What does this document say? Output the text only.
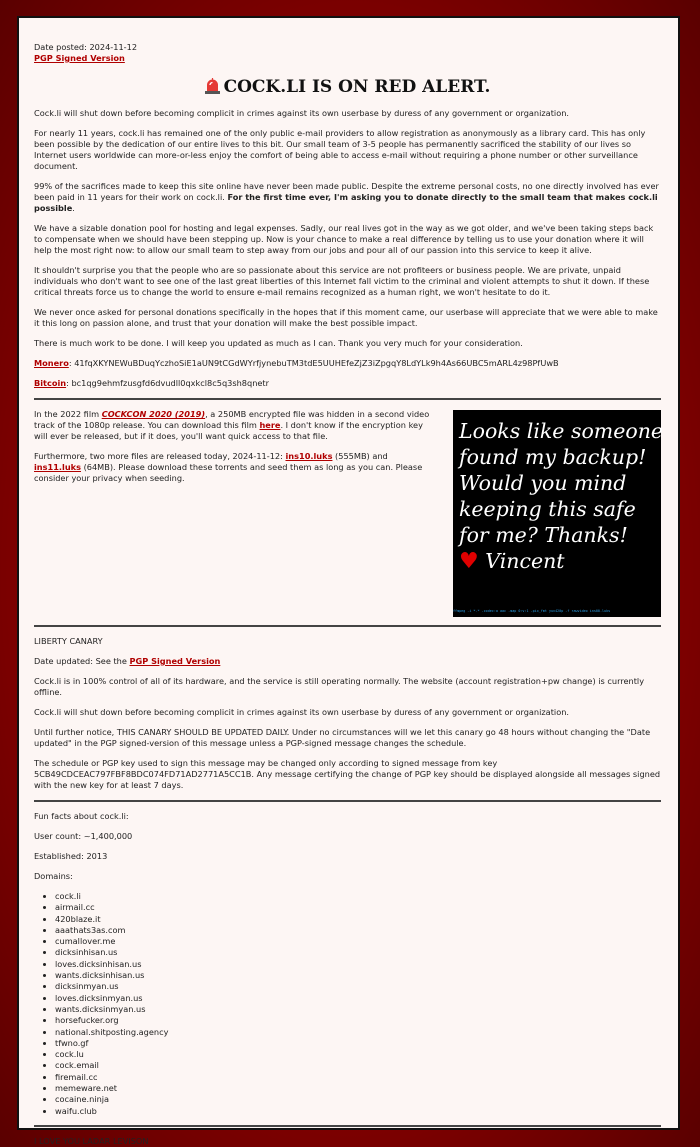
Date posted: 2024-11-12

PGP Signed Version

COCK.LI IS ON RED ALERT.

Cock.li will shut down before becoming complicit in crimes against its own userbase by duress of any government or organization.

For nearly 11 years, cock.li has remained one of the only public e-mail providers to allow registration as anonymously as a library card. This has only been possible by the dedication of our entire lives to this bit. Our small team of 3-5 people has permanently sacrificed the stability of our lives so Internet users worldwide can more-or-less enjoy the comfort of being able to access e-mail without requiring a phone number or other surveillance document.

99% of the sacrifices made to keep this site online have never been made public. Despite the extreme personal costs, no one directly involved has ever been paid in 11 years for their work on cock.li. For the first time ever, I'm asking you to donate directly to the small team that makes cock.li possible.

We have a sizable donation pool for hosting and legal expenses. Sadly, our real lives got in the way as we got older, and we've been taking steps back to compensate when we should have been stepping up. Now is your chance to make a real difference by telling us to use your donation where it will help the most right now: to allow our small team to step away from our jobs and pour all of our passion into this service to keep it alive.

It shouldn't surprise you that the people who are so passionate about this service are not profiteers or business people. We are private, unpaid individuals who don't want to see one of the last great liberties of this Internet fall victim to the criminal and violent attempts to shut it down. If these critical threats force us to change the world to ensure e-mail remains recognized as a human right, we won't hesitate to do it.

We never once asked for personal donations specifically in the hopes that if this moment came, our userbase will appreciate that we were able to make it this long on passion alone, and trust that your donation will make the best possible impact.

There is much work to be done. I will keep you updated as much as I can. Thank you very much for your consideration.

Monero: 41fqXKYNEWuBDuqYczhoSiE1aUN9tCGdWYrfjynebuTM3tdE5UUHEfeZjZ3iZpgqY8LdYLk9h4As66UBC5mARL4z98PfUwB

Bitcoin: bc1qg9ehmfzusgfd6dvudll0qxkcl8c5q3sh8qnetr

In the 2022 film COCKCON 2020 (2019), a 250MB encrypted file was hidden in a second video track of the 1080p release. You can download this film here. I don't know if the encryption key will ever be released, but if it does, you'll want quick access to that file.

Furthermore, two more files are released today, 2024-11-12: ins10.luks (555MB) and ins11.luks (64MB). Please download these torrents and seed them as long as you can. Please consider your privacy when seeding.

Looks like someone
found my backup!
Would you mind
keeping this safe
for me? Thanks!
♥ Vincent
ffmpeg -i *.* -codec:a aac -map 0:v:1 -pix_fmt yuv420p -f rawvideo ins00.luks

LIBERTY CANARY

Date updated: See the PGP Signed Version

Cock.li is in 100% control of all of its hardware, and the service is still operating normally. The website (account registration+pw change) is currently offline.

Cock.li will shut down before becoming complicit in crimes against its own userbase by duress of any government or organization.

Until further notice, THIS CANARY SHOULD BE UPDATED DAILY. Under no circumstances will we let this canary go 48 hours without changing the "Date updated" in the PGP signed-version of this message unless a PGP-signed message changes the schedule.

The schedule or PGP key used to sign this message may be changed only according to signed message from key 5CB49CDCEAC797FBF8BDC074FD71AD2771A5CC1B. Any message certifying the change of PGP key should be displayed alongside all messages signed with the new key for at least 7 days.

Fun facts about cock.li:

User count: ~1,400,000

Established: 2013

Domains:

• cock.li
• airmail.cc
• 420blaze.it
• aaathats3as.com
• cumallover.me
• dicksinhisan.us
• loves.dicksinhisan.us
• wants.dicksinhisan.us
• dicksinmyan.us
• loves.dicksinmyan.us
• wants.dicksinmyan.us
• horsefucker.org
• national.shitposting.agency
• tfwno.gf
• cock.lu
• cock.email
• firemail.cc
• memeware.net
• cocaine.ninja
• waifu.club

I LOVE YOU LADAR LEVISON
